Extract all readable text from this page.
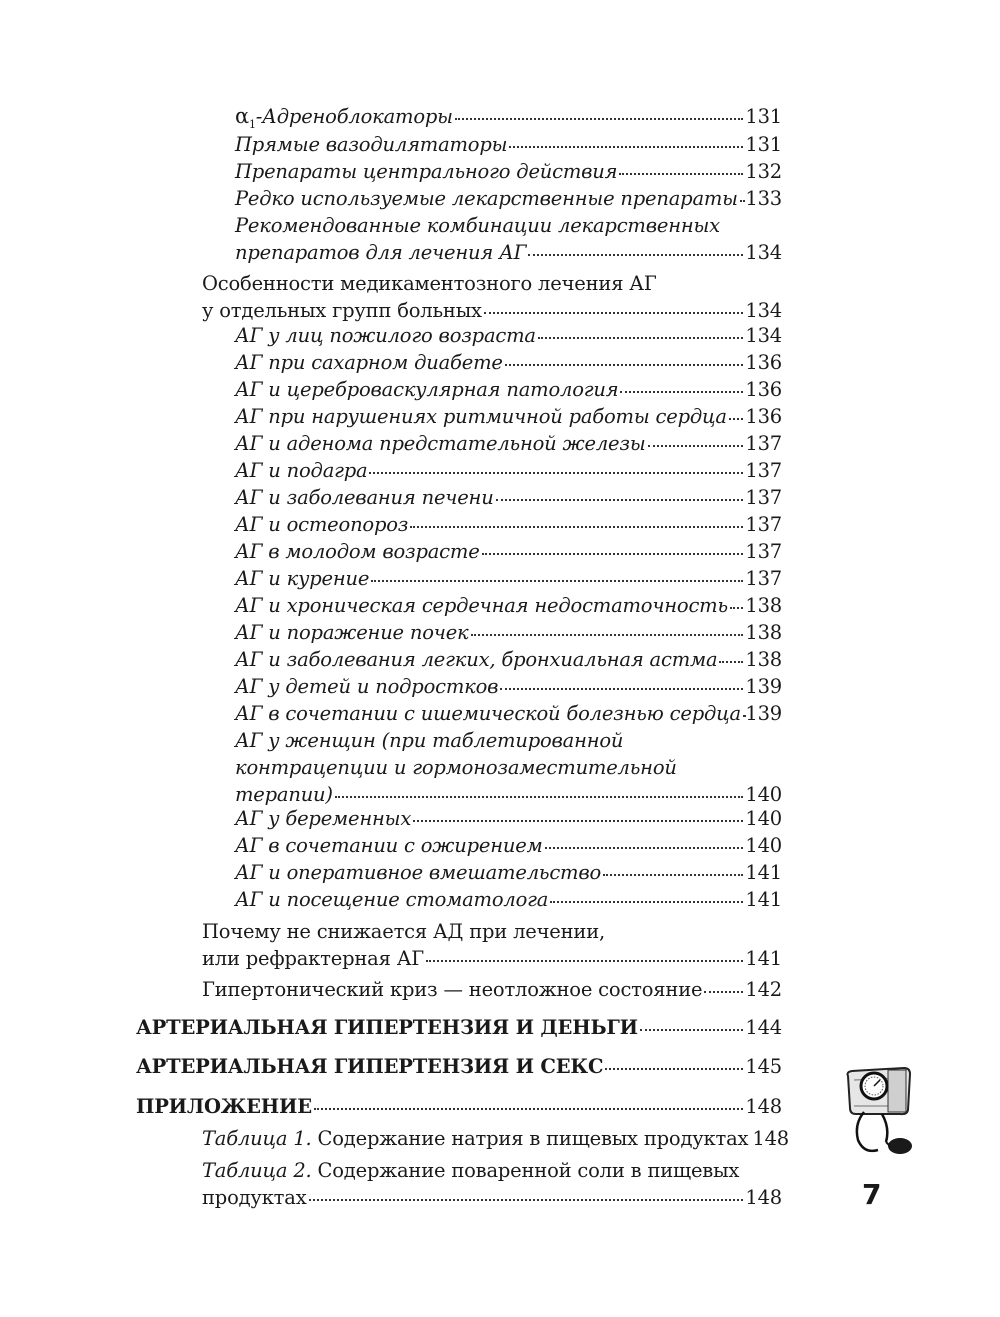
$\alpha_1$-Адреноблокаторы	131
Прямые вазодилятаторы	131
Препараты центрального действия	132
Редко используемые лекарственные препараты 133
Рекомендованные комбинации лекарственных
препаратов для лечения АГ	134
Особенности медикаментозного лечения АГ
у отдельных групп больных	134
АГ у лиц пожилого возраста	134
АГ при сахарном диабете	136
АГ и цереброваскулярная патология	136
АГ при нарушениях ритмичной работы сердца 136
АГ и аденома предстательной железы	137
АГ и подагра	137
АГ и заболевания печени	137
АГ и остеопороз	137
АГ в молодом возрасте	137
АГ и курение	137
АГ и хроническая сердечная недостаточность 138
АГ и поражение почек	138
АГ и заболевания легких, бронхиальная астма 138
АГ у детей и подростков	139
АГ в сочетании с ишемической болезнью сердца 139
АГ у женщин (при таблетированной
контрацепции и гормонозаместительной
терапии)	140
АГ у беременных	140
АГ в сочетании с ожирением	140
АГ и оперативное вмешательство	141
АГ и посещение стоматолога	141
Почему не снижается АД при лечении,
или рефрактерная АГ	141
Гипертонический криз — неотложное состояние 142
АРТЕРИАЛЬНАЯ ГИПЕРТЕНЗИЯ И ДЕНЬГИ	144
АРТЕРИАЛЬНАЯ ГИПЕРТЕНЗИЯ И СЕКС	145
ПРИЛОЖЕНИЕ	148
Таблица 1. Содержание натрия в пищевых продуктах 148
Таблица 2. Содержание поваренной соли в пищевых
продуктах	148	7
